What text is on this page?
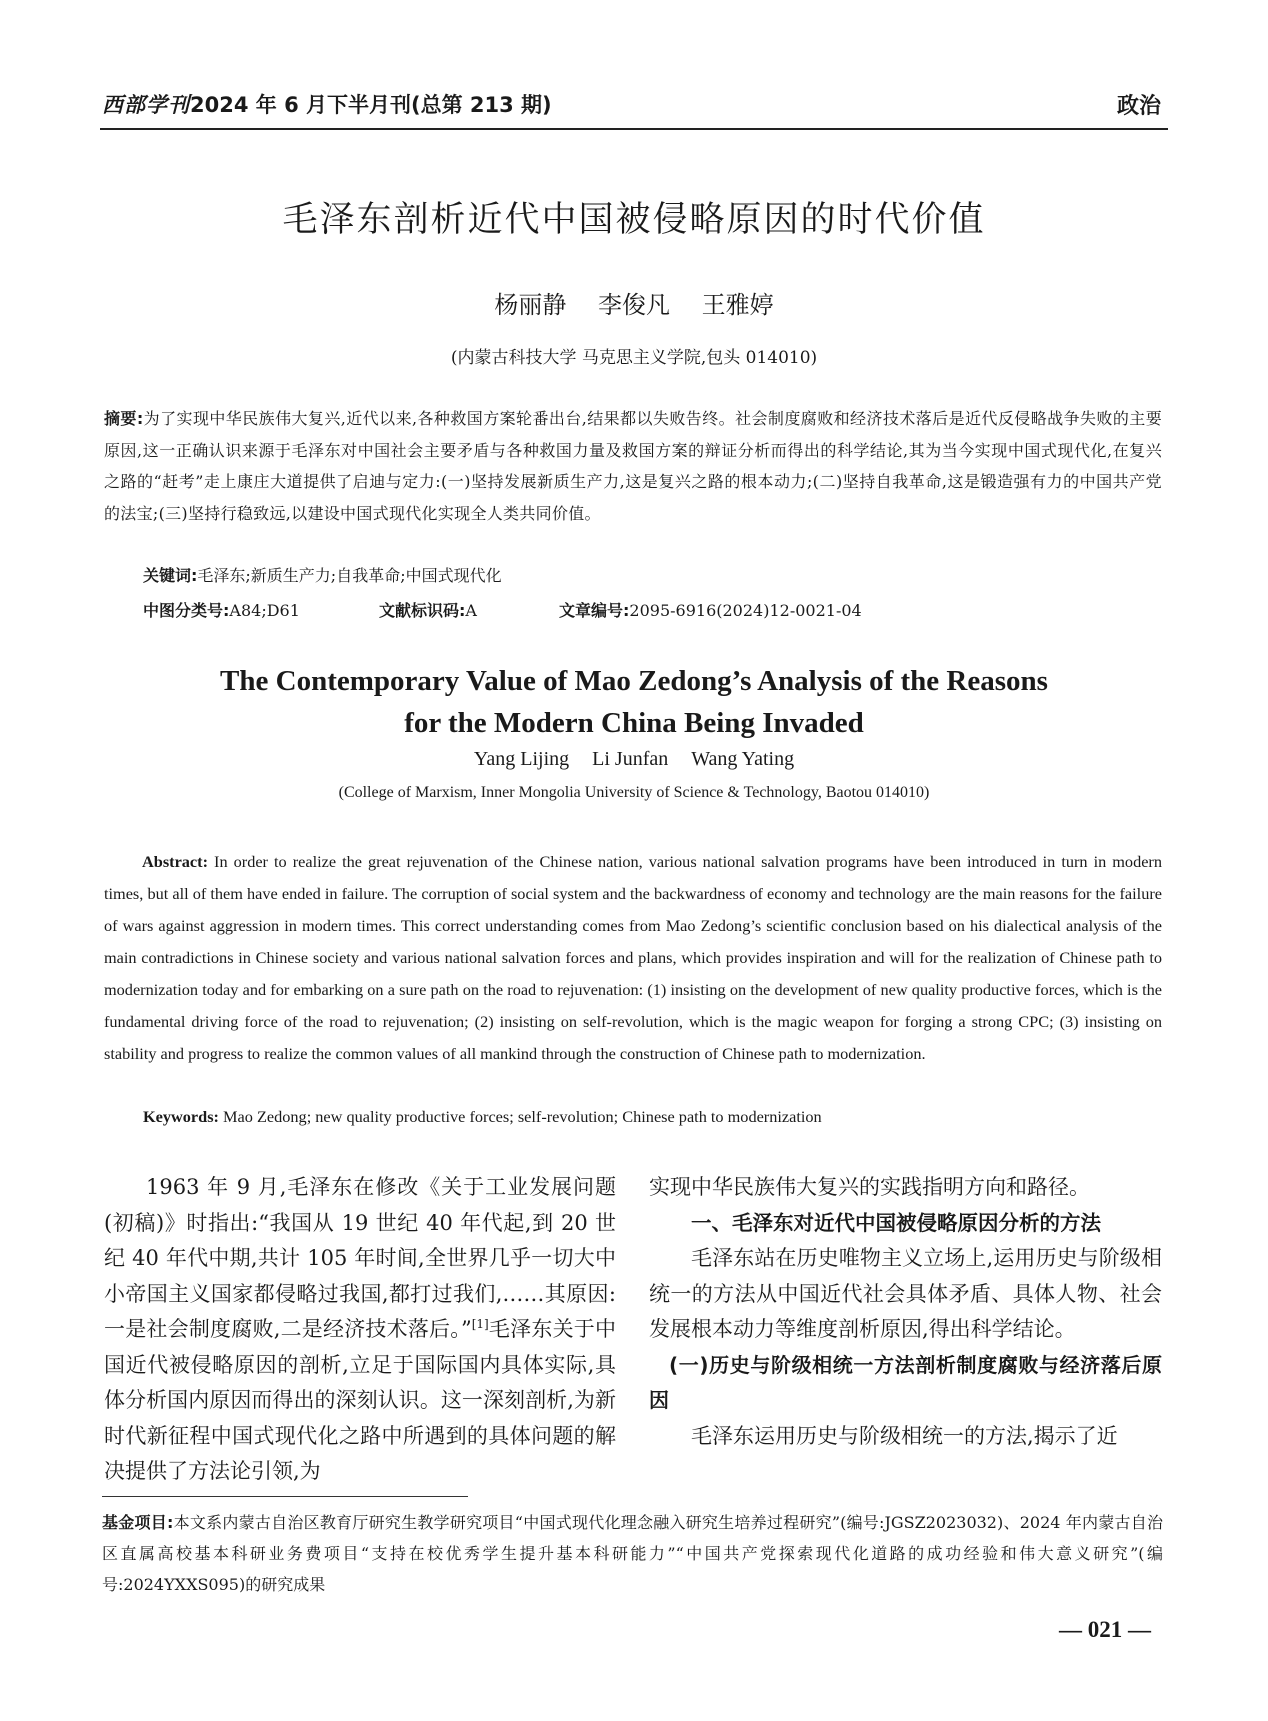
西部学刊 2024 年 6 月下半月刊(总第 213 期)	政治
毛泽东剖析近代中国被侵略原因的时代价值
杨丽静 李俊凡 王雅婷
(内蒙古科技大学 马克思主义学院,包头 014010)
摘要:为了实现中华民族伟大复兴,近代以来,各种救国方案轮番出台,结果都以失败告终。社会制度腐败和经济技术落后是近代反侵略战争失败的主要原因,这一正确认识来源于毛泽东对中国社会主要矛盾与各种救国力量及救国方案的辩证分析而得出的科学结论,其为当今实现中国式现代化,在复兴之路的“赶考”走上康庄大道提供了启迪与定力:(一)坚持发展新质生产力,这是复兴之路的根本动力;(二)坚持自我革命,这是锻造强有力的中国共产党的法宝;(三)坚持行稳致远,以建设中国式现代化实现全人类共同价值。
关键词:毛泽东;新质生产力;自我革命;中国式现代化
中图分类号:A84;D61	文献标识码:A	文章编号:2095-6916(2024)12-0021-04
The Contemporary Value of Mao Zedong’s Analysis of the Reasons
for the Modern China Being Invaded
Yang Lijing Li Junfan Wang Yating
(College of Marxism, Inner Mongolia University of Science & Technology, Baotou 014010)
Abstract: In order to realize the great rejuvenation of the Chinese nation, various national salvation programs have been introduced in turn in modern times, but all of them have ended in failure. The corruption of social system and the backwardness of economy and technology are the main reasons for the failure of wars against aggression in modern times. This correct understanding comes from Mao Zedong’s scientific conclusion based on his dialectical analysis of the main contradictions in Chinese society and various national salvation forces and plans, which provides inspiration and will for the realization of Chinese path to modernization today and for embarking on a sure path on the road to rejuvenation: (1) insisting on the development of new quality productive forces, which is the fundamental driving force of the road to rejuvenation; (2) insisting on self-revolution, which is the magic weapon for forging a strong CPC; (3) insisting on stability and progress to realize the common values of all mankind through the construction of Chinese path to modernization.
Keywords: Mao Zedong; new quality productive forces; self-revolution; Chinese path to modernization

1963 年 9 月,毛泽东在修改《关于工业发展问题(初稿)》时指出:“我国从 19 世纪 40 年代起,到 20 世纪 40 年代中期,共计 105 年时间,全世界几乎一切大中小帝国主义国家都侵略过我国,都打过我们,……其原因:一是社会制度腐败,二是经济技术落后。”[1]毛泽东关于中国近代被侵略原因的剖析,立足于国际国内具体实际,具体分析国内原因而得出的深刻认识。这一深刻剖析,为新时代新征程中国式现代化之路中所遇到的具体问题的解决提供了方法论引领,为

实现中华民族伟大复兴的实践指明方向和路径。

一、毛泽东对近代中国被侵略原因分析的方法

毛泽东站在历史唯物主义立场上,运用历史与阶级相统一的方法从中国近代社会具体矛盾、具体人物、社会发展根本动力等维度剖析原因,得出科学结论。

(一)历史与阶级相统一方法剖析制度腐败与经济落后原因

毛泽东运用历史与阶级相统一的方法,揭示了近

基金项目:本文系内蒙古自治区教育厅研究生教学研究项目“中国式现代化理念融入研究生培养过程研究”(编号:JGSZ2023032)、2024 年内蒙古自治区直属高校基本科研业务费项目“支持在校优秀学生提升基本科研能力”“中国共产党探索现代化道路的成功经验和伟大意义研究”(编号:2024YXXS095)的研究成果
— 021 —
